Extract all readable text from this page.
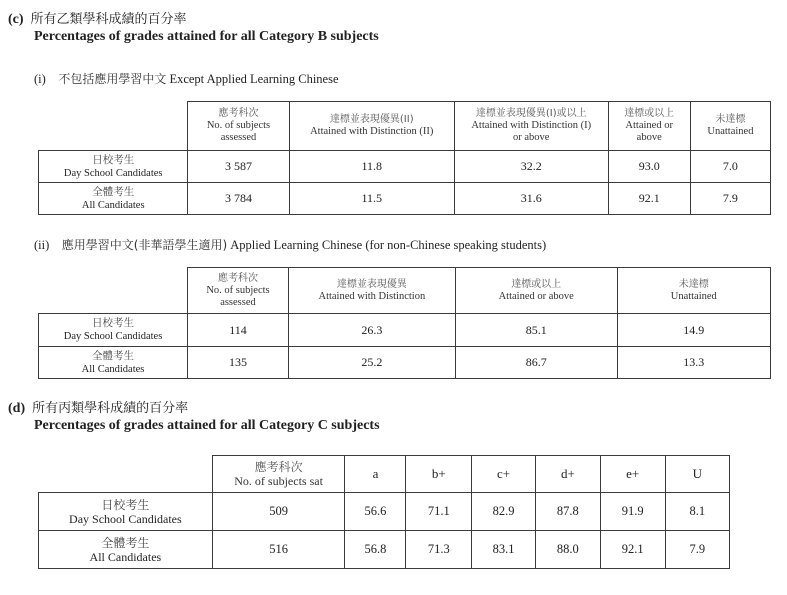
(c) 所有乙類學科成績的百分率
Percentages of grades attained for all Category B subjects
(i) 不包括應用學習中文 Except Applied Learning Chinese

	應考科次
No. of subjects assessed	達標並表現優異(II)
Attained with Distinction (II)	達標並表現優異(I)或以上
Attained with Distinction (I) or above	達標或以上
Attained or above	未達標
Unattained

日校考生
Day School Candidates	3 587	11.8	32.2	93.0	7.0

全體考生
All Candidates	3 784	11.5	31.6	92.1	7.9
(ii) 應用學習中文(非華語學生適用) Applied Learning Chinese (for non-Chinese speaking students)

	應考科次
No. of subjects assessed	達標並表現優異
Attained with Distinction	達標或以上
Attained or above	未達標
Unattained

日校考生
Day School Candidates	114	26.3	85.1	14.9

全體考生
All Candidates	135	25.2	86.7	13.3
(d) 所有丙類學科成績的百分率
Percentages of grades attained for all Category C subjects

	應考科次
No. of subjects sat	a	b+	c+	d+	e+	U

日校考生
Day School Candidates	509	56.6	71.1	82.9	87.8	91.9	8.1

全體考生
All Candidates	516	56.8	71.3	83.1	88.0	92.1	7.9
